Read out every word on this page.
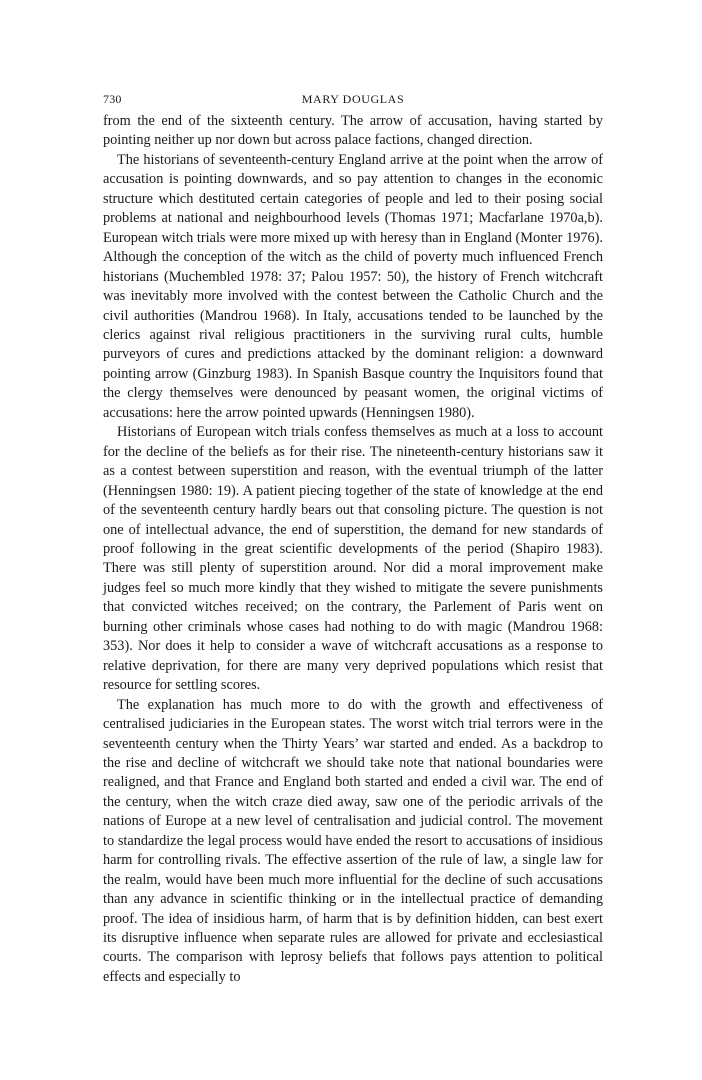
730	MARY DOUGLAS

from the end of the sixteenth century. The arrow of accusation, having started by pointing neither up nor down but across palace factions, changed direction.

The historians of seventeenth-century England arrive at the point when the arrow of accusation is pointing downwards, and so pay attention to changes in the economic structure which destituted certain categories of people and led to their posing social problems at national and neighbourhood levels (Thomas 1971; Macfarlane 1970a,b). European witch trials were more mixed up with heresy than in England (Monter 1976). Although the conception of the witch as the child of poverty much influenced French historians (Muchembled 1978: 37; Palou 1957: 50), the history of French witchcraft was inevitably more involved with the contest between the Catholic Church and the civil authorities (Mandrou 1968). In Italy, accusations tended to be launched by the clerics against rival religious practitioners in the surviving rural cults, humble purveyors of cures and predictions attacked by the dominant religion: a downward pointing arrow (Ginzburg 1983). In Spanish Basque country the Inquisitors found that the clergy themselves were denounced by peasant women, the original victims of accusations: here the arrow pointed upwards (Henningsen 1980).

Historians of European witch trials confess themselves as much at a loss to account for the decline of the beliefs as for their rise. The nineteenth-century historians saw it as a contest between superstition and reason, with the eventual triumph of the latter (Henningsen 1980: 19). A patient piecing together of the state of knowledge at the end of the seventeenth century hardly bears out that consoling picture. The question is not one of intellectual advance, the end of superstition, the demand for new standards of proof following in the great scientific developments of the period (Shapiro 1983). There was still plenty of superstition around. Nor did a moral improvement make judges feel so much more kindly that they wished to mitigate the severe punishments that convicted witches received; on the contrary, the Parlement of Paris went on burning other criminals whose cases had nothing to do with magic (Mandrou 1968: 353). Nor does it help to consider a wave of witchcraft accusations as a response to relative deprivation, for there are many very deprived populations which resist that resource for settling scores.

The explanation has much more to do with the growth and effectiveness of centralised judiciaries in the European states. The worst witch trial terrors were in the seventeenth century when the Thirty Years’ war started and ended. As a backdrop to the rise and decline of witchcraft we should take note that national boundaries were realigned, and that France and England both started and ended a civil war. The end of the century, when the witch craze died away, saw one of the periodic arrivals of the nations of Europe at a new level of centralisation and judicial control. The movement to standardize the legal process would have ended the resort to accusations of insidious harm for controlling rivals. The effective assertion of the rule of law, a single law for the realm, would have been much more influential for the decline of such accusations than any advance in scientific thinking or in the intellectual practice of demanding proof. The idea of insidious harm, of harm that is by definition hidden, can best exert its disruptive influence when separate rules are allowed for private and ecclesiastical courts. The comparison with leprosy beliefs that follows pays attention to political effects and especially to
